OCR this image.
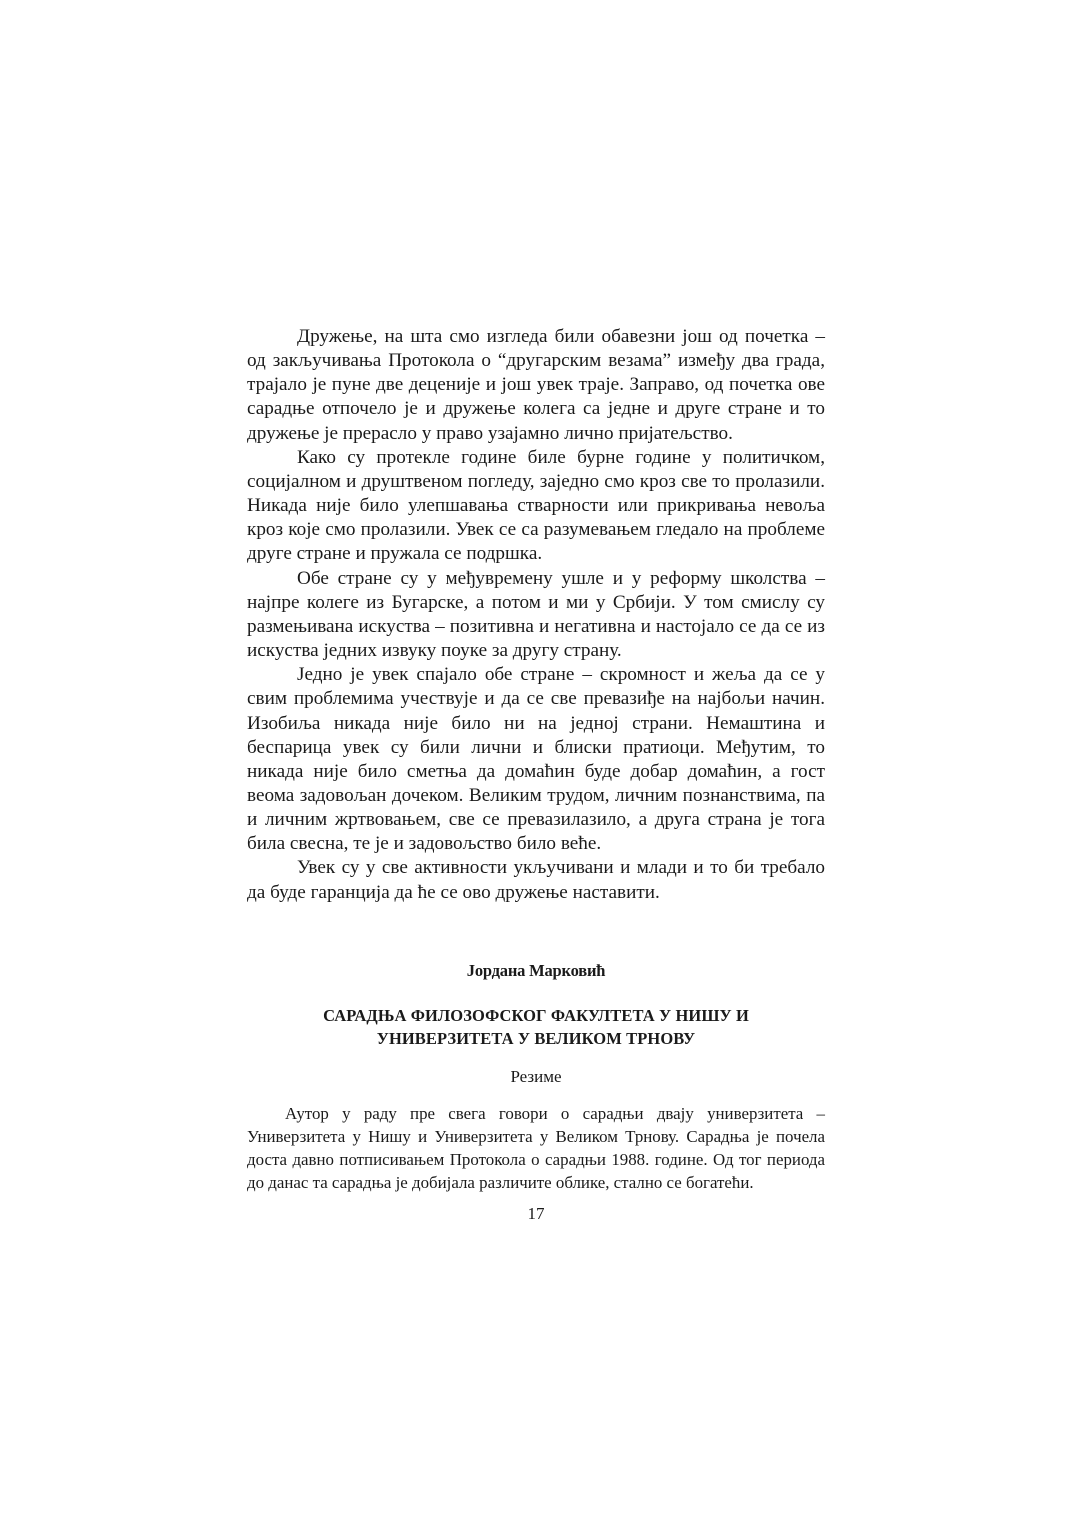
Дружење, на шта смо изгледа били обавезни још од почетка – од закључивања Протокола о “другарским везама” између два града, трајало је пуне две деценије и још увек траје. Заправо, од почетка ове сарадње отпочело је и дружење колега са једне и друге стране и то дружење је прерасло у право узајамно лично пријатељство.

Како су протекле године биле бурне године у политичком, социјалном и друштвеном погледу, заједно смо кроз све то пролазили. Никада није било улепшавања стварности или прикривања невоља кроз које смо пролазили. Увек се са разумевањем гледало на проблеме друге стране и пружала се подршка.

Обе стране су у међувремену ушле и у реформу школства – најпре колеге из Бугарске, а потом и ми у Србији. У том смислу су размењивана искуства – позитивна и негативна и настојало се да се из искуства једних извуку поуке за другу страну.

Једно је увек спајало обе стране – скромност и жеља да се у свим проблемима учествује и да се све превазиђе на најбољи начин. Изобиља никада није било ни на једној страни. Немаштина и беспарица увек су били лични и блиски пратиоци. Међутим, то никада није било сметња да домаћин буде добар домаћин, а гост веома задовољан дочеком. Великим трудом, личним познанствима, па и личним жртвовањем, све се превазилазило, а друга страна је тога била свесна, те је и задовољство било веће.

Увек су у све активности укључивани и млади и то би требало да буде гаранција да ће се ово дружење наставити.

Јордана Марковић
САРАДЊА ФИЛОЗОФСКОГ ФАКУЛТЕТА У НИШУ И
УНИВЕРЗИТЕТА У ВЕЛИКОМ ТРНОВУ
Резиме

Аутор у раду пре свега говори о сарадњи двају универзитета – Универзитета у Нишу и Универзитета у Великом Трнову. Сарадња је почела доста давно потписивањем Протокола о сарадњи 1988. године. Од тог периода до данас та сарадња је добијала различите облике, стално се богатећи.

17
